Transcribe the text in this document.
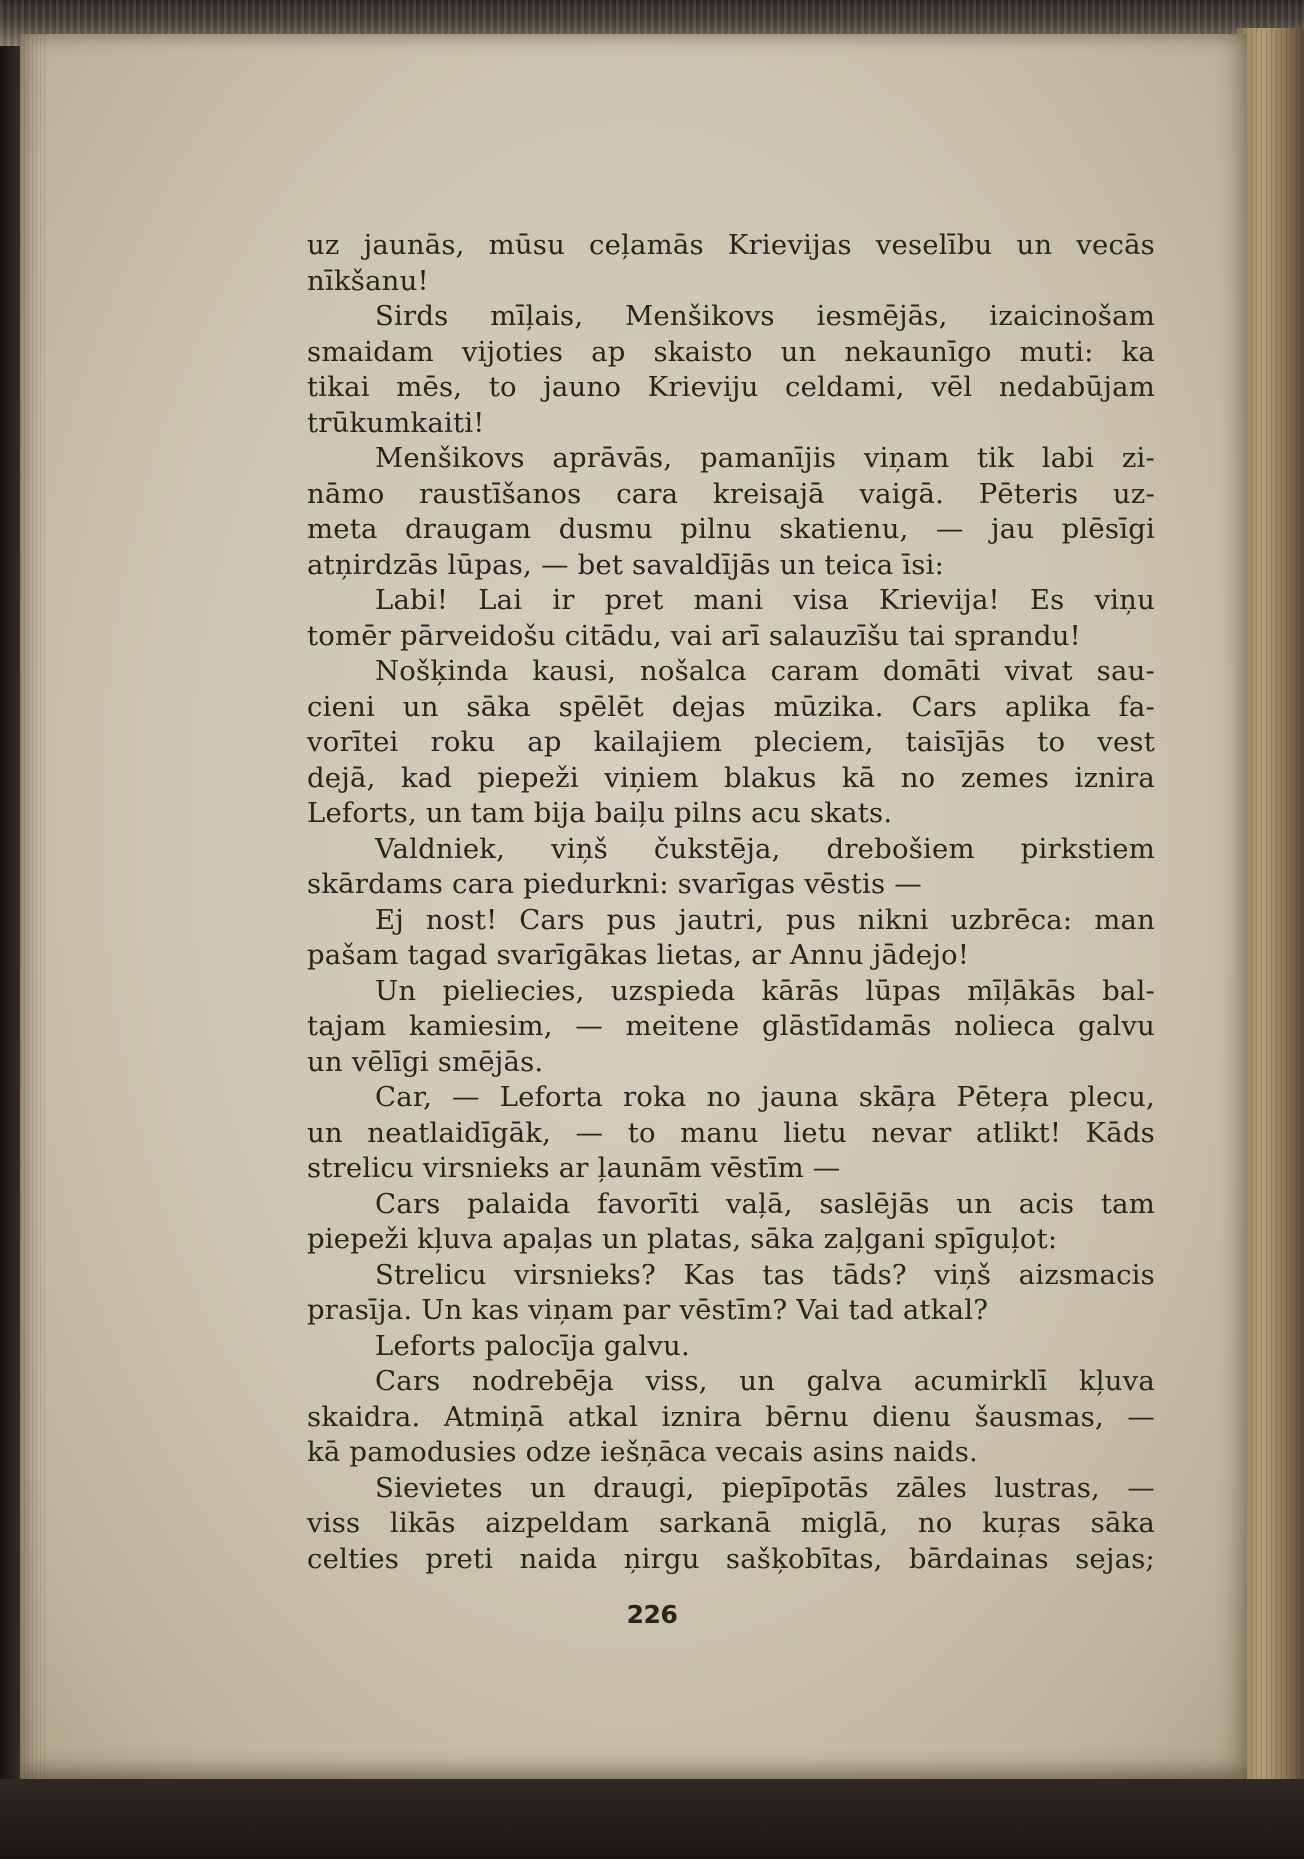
uz jaunās, mūsu ceļamās Krievijas veselību un vecās
nīkšanu!
Sirds mīļais, Menšikovs iesmējās, izaicinošam
smaidam vijoties ap skaisto un nekaunīgo muti: ka
tikai mēs, to jauno Krieviju celdami, vēl nedabūjam
trūkumkaiti!
Menšikovs aprāvās, pamanījis viņam tik labi zi-
nāmo raustīšanos cara kreisajā vaigā. Pēteris uz-
meta draugam dusmu pilnu skatienu, — jau plēsīgi
atņirdzās lūpas, — bet savaldījās un teica īsi:
Labi! Lai ir pret mani visa Krievija! Es viņu
tomēr pārveidošu citādu, vai arī salauzīšu tai sprandu!
Nošķinda kausi, nošalca caram domāti vivat sau-
cieni un sāka spēlēt dejas mūzika. Cars aplika fa-
vorītei roku ap kailajiem pleciem, taisījās to vest
dejā, kad piepeži viņiem blakus kā no zemes iznira
Leforts, un tam bija baiļu pilns acu skats.
Valdniek, viņš čukstēja, drebošiem pirkstiem
skārdams cara piedurkni: svarīgas vēstis —
Ej nost! Cars pus jautri, pus nikni uzbrēca: man
pašam tagad svarīgākas lietas, ar Annu jādejo!
Un pieliecies, uzspieda kārās lūpas mīļākās bal-
tajam kamiesim, — meitene glāstīdamās nolieca galvu
un vēlīgi smējās.
Car, — Leforta roka no jauna skāŗa Pēteŗa plecu,
un neatlaidīgāk, — to manu lietu nevar atlikt! Kāds
strelicu virsnieks ar ļaunām vēstīm —
Cars palaida favorīti vaļā, saslējās un acis tam
piepeži kļuva apaļas un platas, sāka zaļgani spīguļot:
Strelicu virsnieks? Kas tas tāds? viņš aizsmacis
prasīja. Un kas viņam par vēstīm? Vai tad atkal?
Leforts palocīja galvu.
Cars nodrebēja viss, un galva acumirklī kļuva
skaidra. Atmiņā atkal iznira bērnu dienu šausmas, —
kā pamodusies odze iešņāca vecais asins naids.
Sievietes un draugi, piepīpotās zāles lustras, —
viss likās aizpeldam sarkanā miglā, no kuŗas sāka
celties preti naida ņirgu sašķobītas, bārdainas sejas;
226
